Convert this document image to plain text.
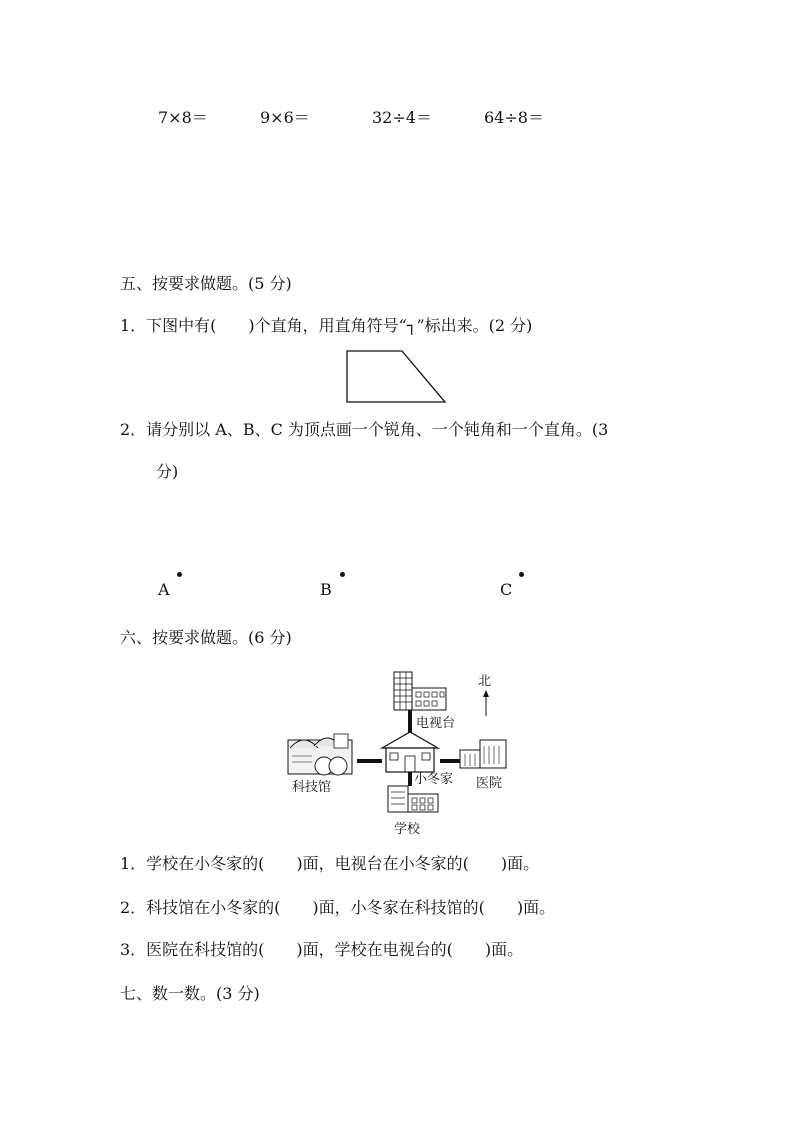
7×8＝	9×6＝	32÷4＝	64÷8＝
五、按要求做题。(5 分)
1．下图中有(　　)个直角，用直角符号“┐”标出来。(2 分)
2．请分别以 A、B、C 为顶点画一个锐角、一个钝角和一个直角。(3
分)
A	B	C
六、按要求做题。(6 分)
北
电视台
科技馆
小冬家 医院
学校
1．学校在小冬家的(　　)面，电视台在小冬家的(　　)面。
2．科技馆在小冬家的(　　)面，小冬家在科技馆的(　　)面。
3．医院在科技馆的(　　)面，学校在电视台的(　　)面。
七、数一数。(3 分)
